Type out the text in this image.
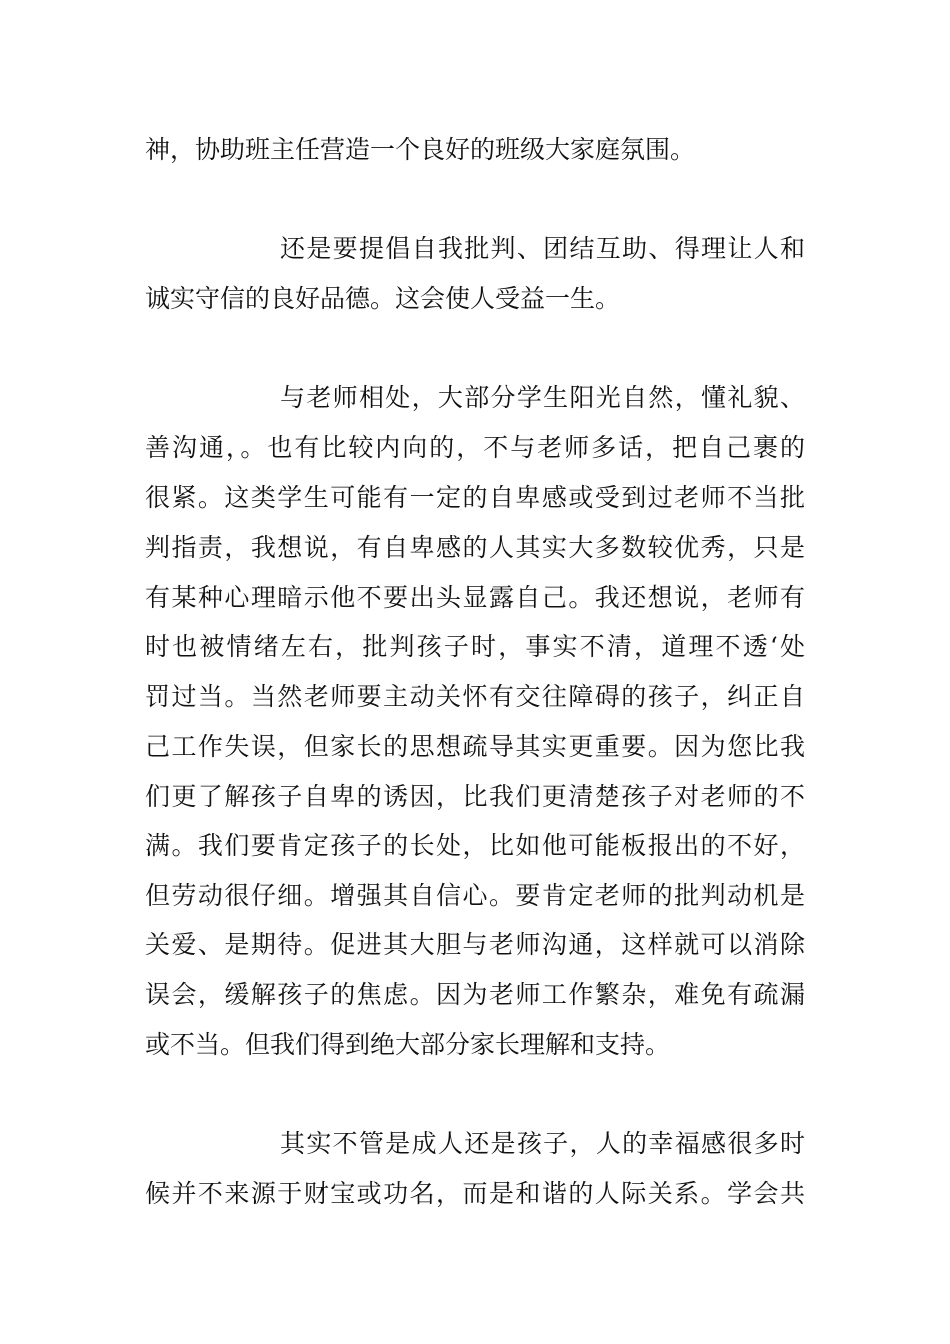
神，协助班主任营造一个良好的班级大家庭氛围。
还是要提倡自我批判、团结互助、得理让人和
诚实守信的良好品德。这会使人受益一生。
与老师相处，大部分学生阳光自然，懂礼貌、
善沟通，。也有比较内向的，不与老师多话，把自己裹的
很紧。这类学生可能有一定的自卑感或受到过老师不当批
判指责，我想说，有自卑感的人其实大多数较优秀，只是
有某种心理暗示他不要出头显露自己。我还想说，老师有
时也被情绪左右，批判孩子时，事实不清，道理不透‘处
罚过当。当然老师要主动关怀有交往障碍的孩子，纠正自
己工作失误，但家长的思想疏导其实更重要。因为您比我
们更了解孩子自卑的诱因，比我们更清楚孩子对老师的不
满。我们要肯定孩子的长处，比如他可能板报出的不好，
但劳动很仔细。增强其自信心。要肯定老师的批判动机是
关爱、是期待。促进其大胆与老师沟通，这样就可以消除
误会，缓解孩子的焦虑。因为老师工作繁杂，难免有疏漏
或不当。但我们得到绝大部分家长理解和支持。
其实不管是成人还是孩子，人的幸福感很多时
候并不来源于财宝或功名，而是和谐的人际关系。学会共
